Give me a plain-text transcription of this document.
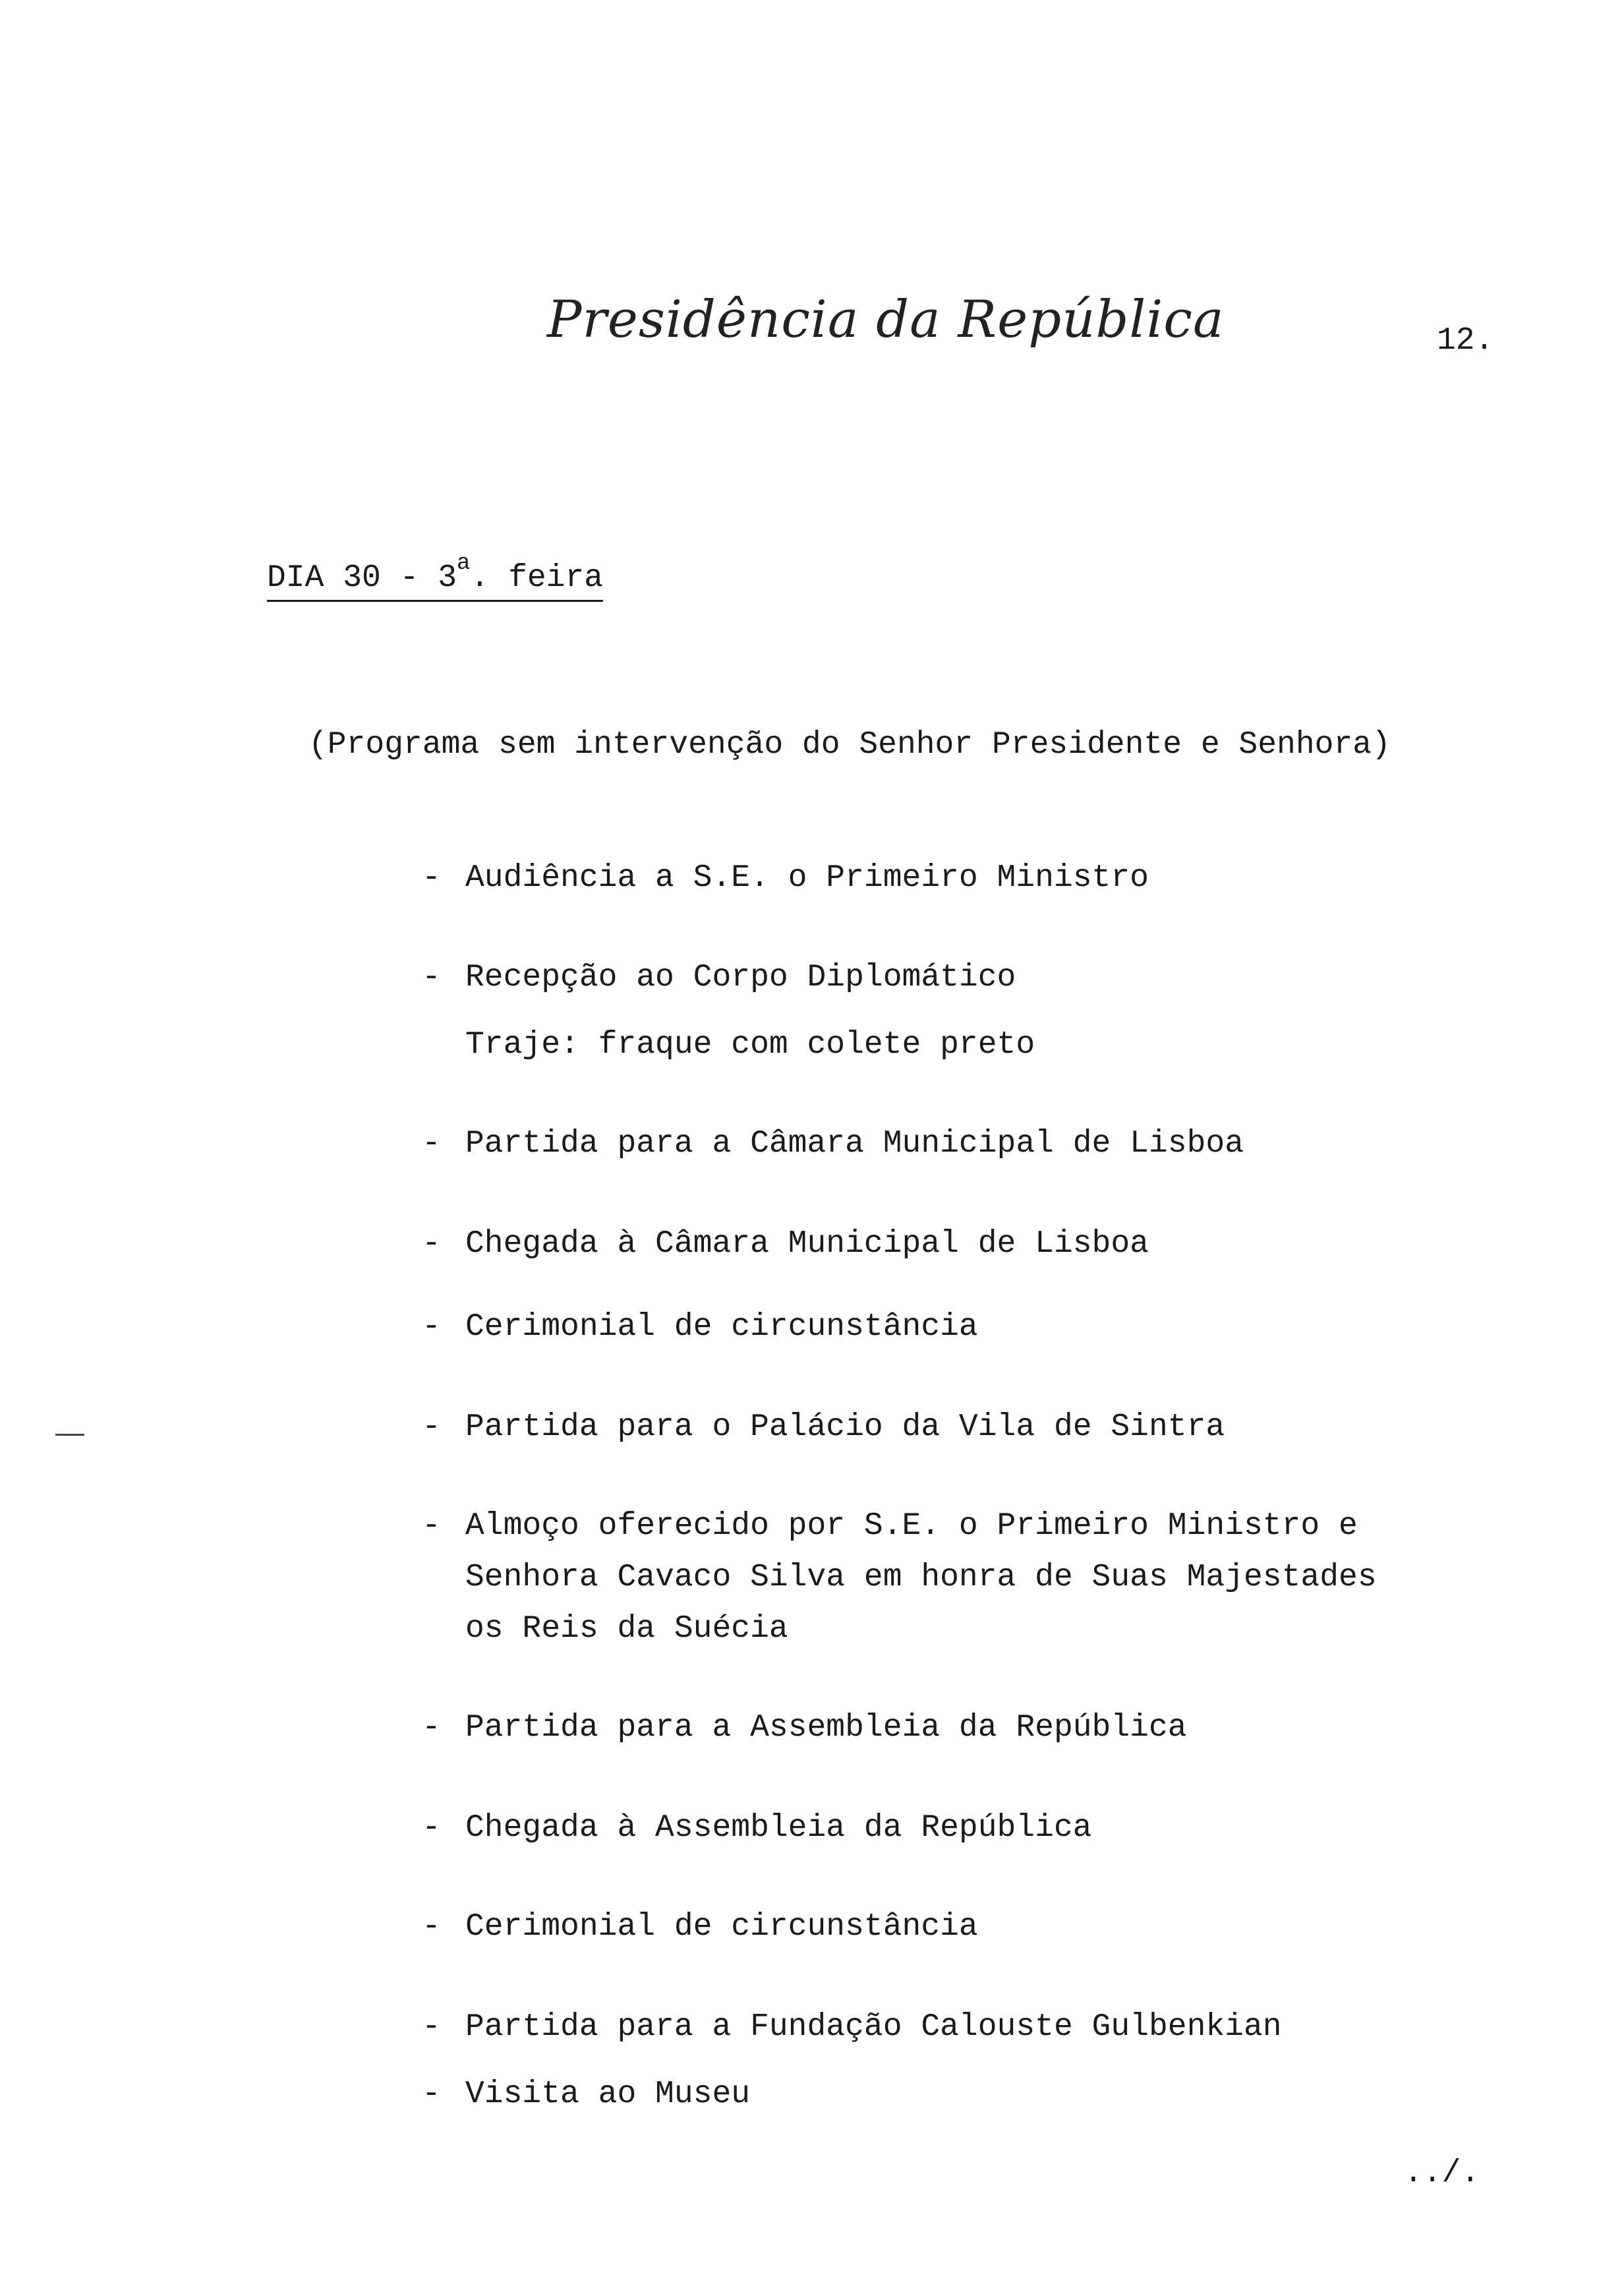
Presidência da República	12.
DIA 30 - 3$^a$. feira
(Programa sem intervenção do Senhor Presidente e Senhora)
- Audiência a S.E. o Primeiro Ministro
- Recepção ao Corpo Diplomático
Traje: fraque com colete preto
- Partida para a Câmara Municipal de Lisboa
- Chegada à Câmara Municipal de Lisboa
- Cerimonial de circunstância
- Partida para o Palácio da Vila de Sintra
- Almoço oferecido por S.E. o Primeiro Ministro e
Senhora Cavaco Silva em honra de Suas Majestades
os Reis da Suécia
- Partida para a Assembleia da República
- Chegada à Assembleia da República
- Cerimonial de circunstância
- Partida para a Fundação Calouste Gulbenkian
- Visita ao Museu
../.
